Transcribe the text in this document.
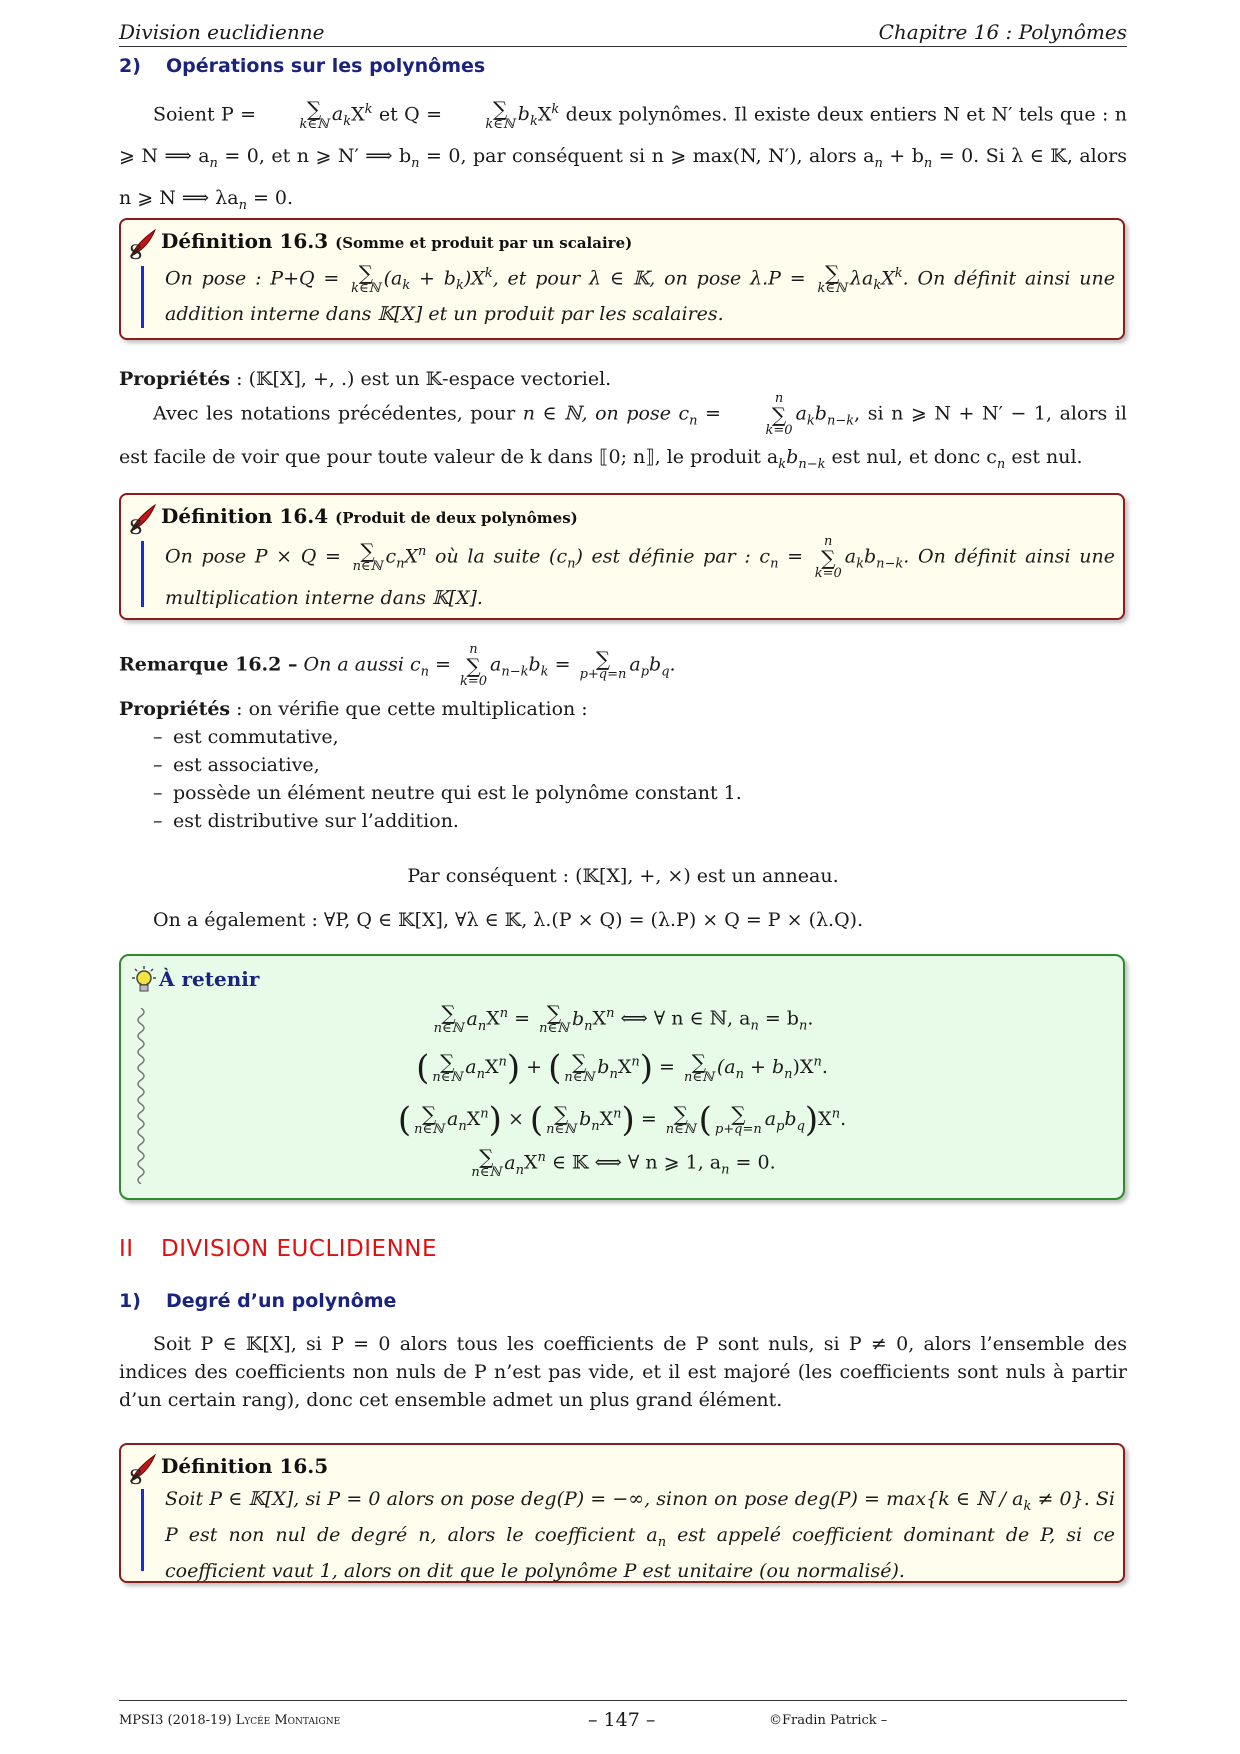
Division euclidienne	Chapitre 16 : Polynômes
2) Opérations sur les polynômes
Soient P =	∑
k∈ℕ $a_kX^k$ et Q =	∑
k∈ℕ $b_kX^k$ deux polynômes. Il existe deux entiers N et N′ tels que : n ⩾ N ⟹ $a_n = 0$, et n ⩾ N′ ⟹ $b_n = 0$, par conséquent si n ⩾ max(N, N′), alors $a_n + b_n = 0$. Si λ ∈ 𝕂, alors n ⩾ N ⟹ $\lambda a_n = 0$.
S Définition 16.3 (Somme et produit par un scalaire)
On pose : P+Q = ∑
k∈ℕ $(a_k + b_k)X^k$, et pour λ ∈ 𝕂, on pose λ.P = ∑
k∈ℕ $\lambda a_kX^k$. On définit ainsi une addition interne dans 𝕂[X] et un produit par les scalaires.
Propriétés : (𝕂[X], +, .) est un 𝕂-espace vectoriel.
Avec les notations précédentes, pour n ∈ ℕ, on pose $c_n$ =
n
∑
k=0
$a_kb_{n-k}$, si n ⩾ N + N′ − 1, alors il est facile de voir que pour toute valeur de k dans ⟦0; n⟧, le produit $a_kb_{n-k}$ est nul, et donc $c_n$ est nul.
S Définition 16.4 (Produit de deux polynômes)
On pose P × Q = ∑
n∈ℕ $c_nX^n$ où la suite $(c_n)$ est définie par : $c_n$ =
n
∑
k=0
$a_kb_{n-k}$. On définit ainsi une multiplication interne dans 𝕂[X].
Remarque 16.2 – On a aussi $c_n$ =
n
∑
k=0
$a_{n-k}b_k$ = ∑
p+q=n $a_pb_q$.
Propriétés : on vérifie que cette multiplication :
– est commutative,
– est associative,
– possède un élément neutre qui est le polynôme constant 1.
– est distributive sur l’addition.
Par conséquent : (𝕂[X], +, ×) est un anneau.
On a également : ∀P, Q ∈ 𝕂[X], ∀λ ∈ 𝕂, λ.(P × Q) = (λ.P) × Q = P × (λ.Q).
À retenir
∑
n∈ℕ $a_nX^n$ = ∑
n∈ℕ $b_nX^n$ ⟺ ∀ n ∈ ℕ, $a_n = b_n$.
( ∑
n∈ℕ $a_nX^n$) + ( ∑
n∈ℕ $b_nX^n$) = ∑
n∈ℕ $(a_n + b_n)X^n$.
( ∑
n∈ℕ $a_nX^n$) × ( ∑
n∈ℕ $b_nX^n$) = ∑
n∈ℕ ( ∑
p+q=n $a_pb_q)X^n$.
∑
n∈ℕ $a_nX^n$ ∈ 𝕂 ⟺ ∀ n ⩾ 1, $a_n = 0$.
II DIVISION EUCLIDIENNE
1) Degré d’un polynôme
Soit P ∈ 𝕂[X], si P = 0 alors tous les coefficients de P sont nuls, si P ≠ 0, alors l’ensemble des indices des coefficients non nuls de P n’est pas vide, et il est majoré (les coefficients sont nuls à partir d’un certain rang), donc cet ensemble admet un plus grand élément.
S Définition 16.5
Soit P ∈ 𝕂[X], si P = 0 alors on pose deg(P) = −∞, sinon on pose deg(P) = max{k ∈ ℕ / $a_k \ne 0$}. Si P est non nul de degré n, alors le coefficient $a_n$ est appelé coefficient dominant de P, si ce coefficient vaut 1, alors on dit que le polynôme P est unitaire (ou normalisé).
MPSI3 (2018-19) Lycée Montaigne	– 147 –	©Fradin Patrick –
